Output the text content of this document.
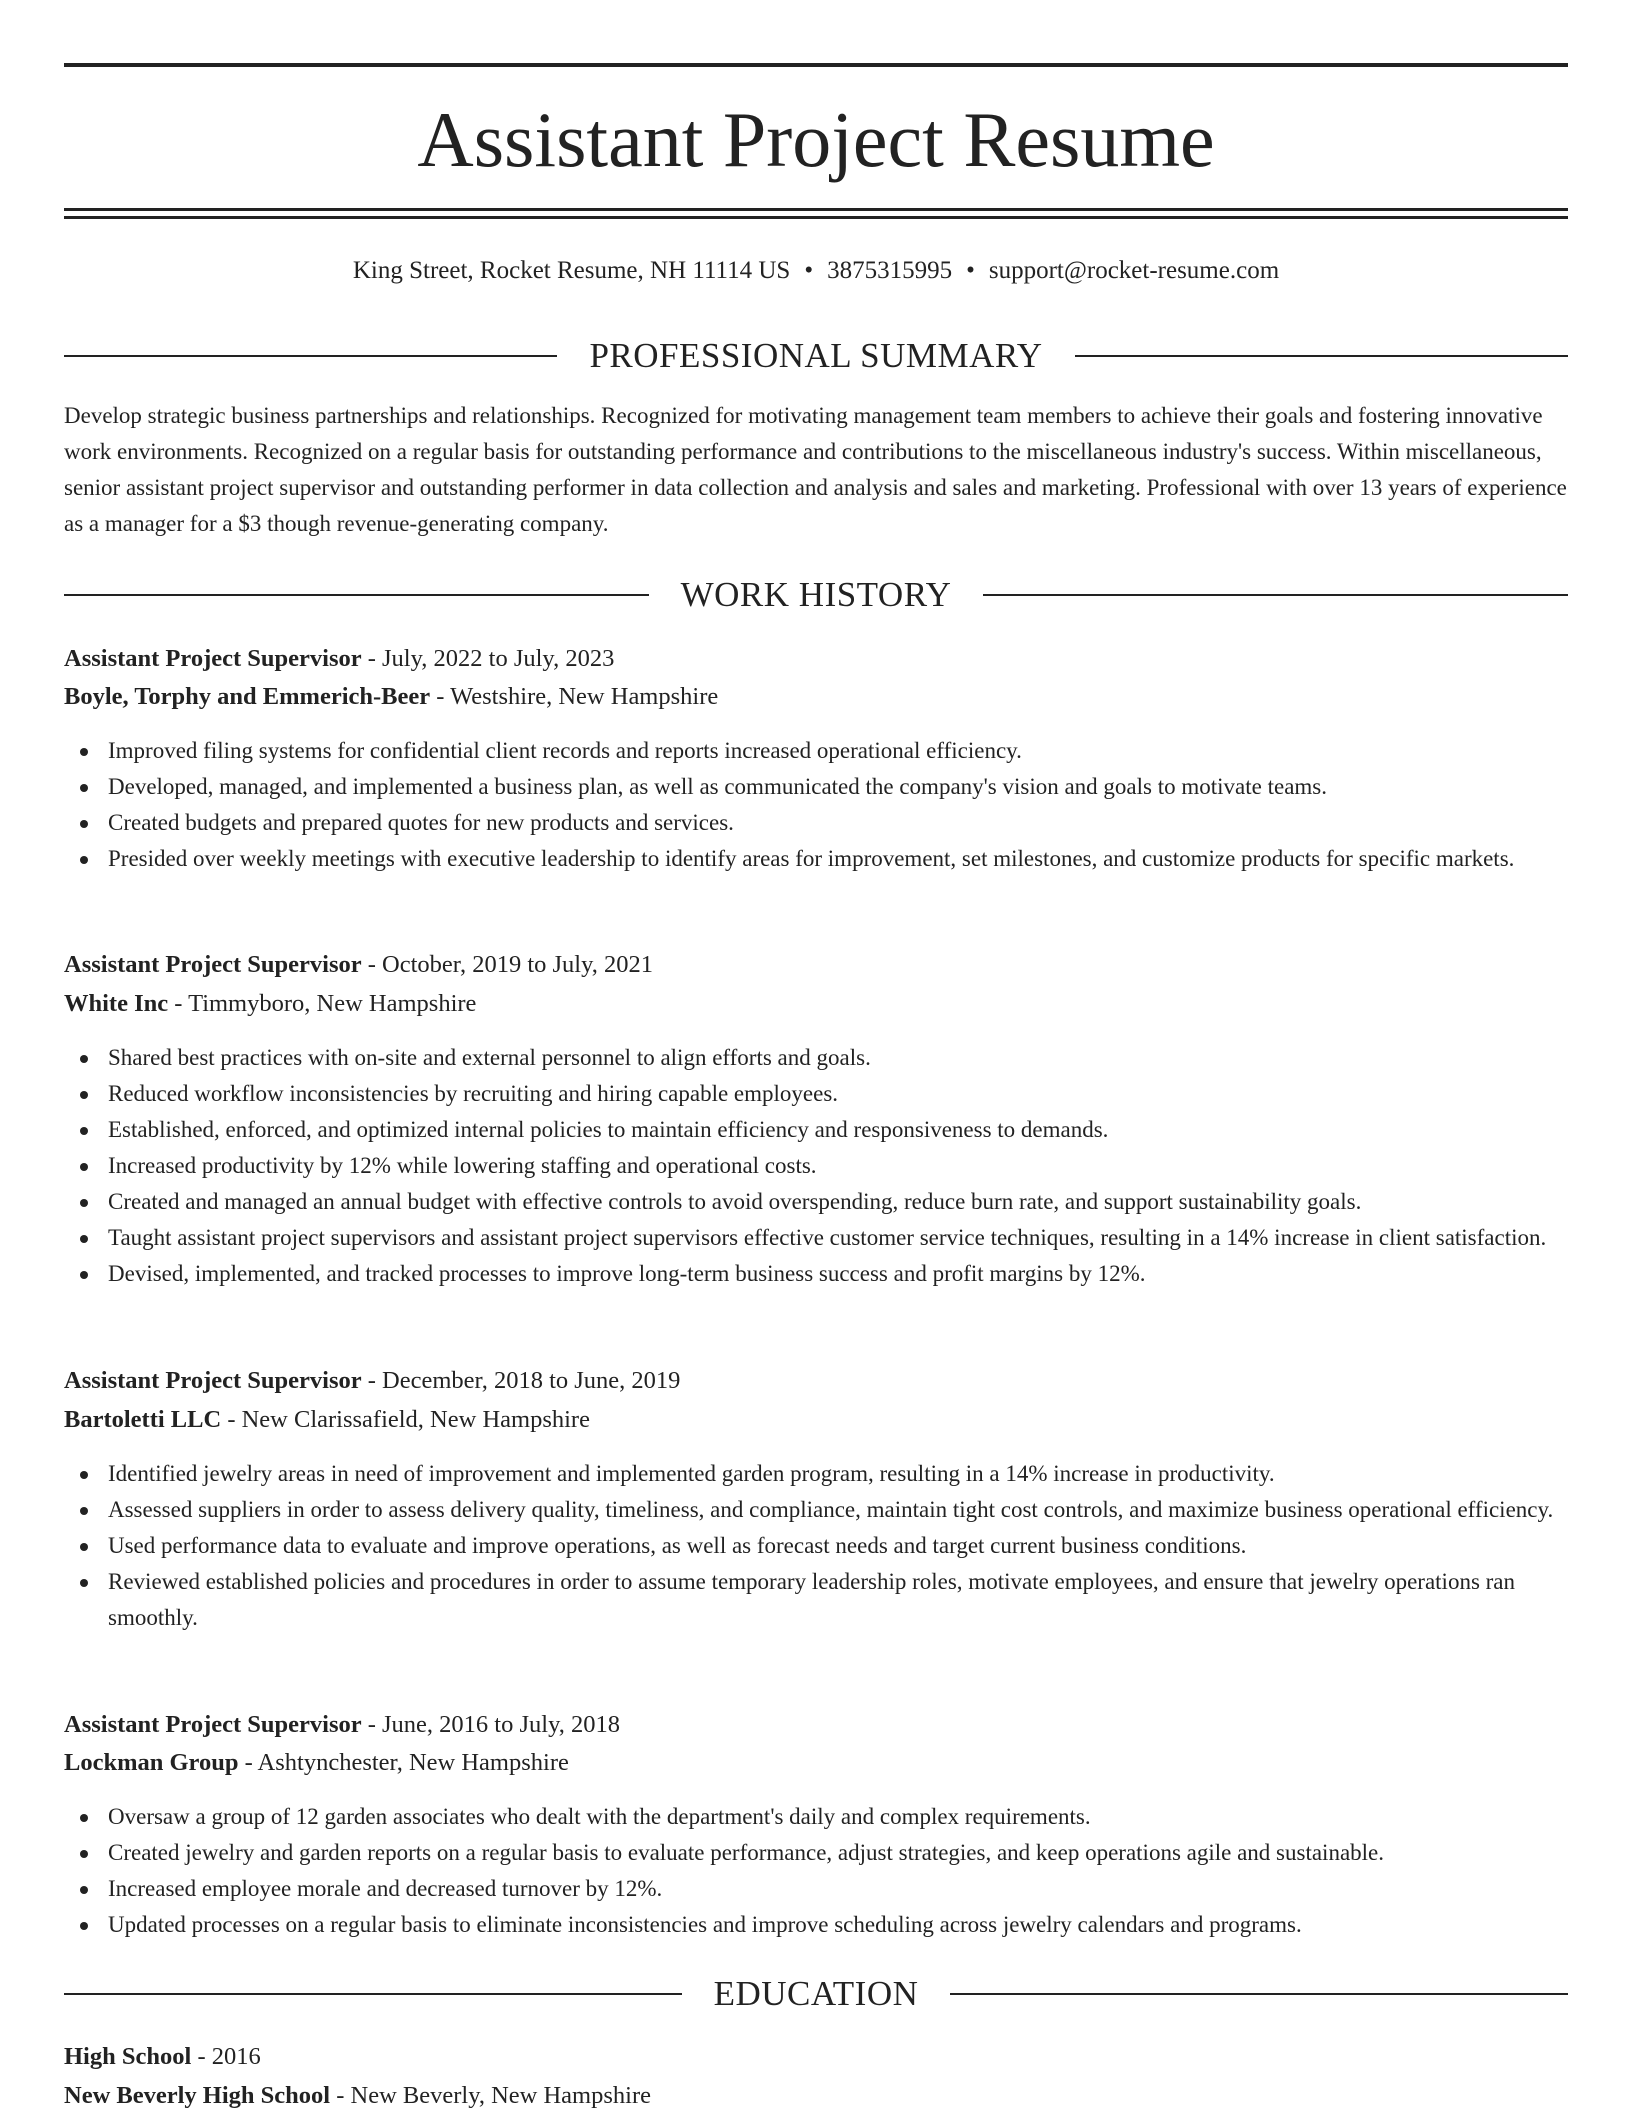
Assistant Project Resume
King Street, Rocket Resume, NH 11114 US • 3875315995 • support@rocket-resume.com
PROFESSIONAL SUMMARY

Develop strategic business partnerships and relationships. Recognized for motivating management team members to achieve their goals and fostering innovative work environments. Recognized on a regular basis for outstanding performance and contributions to the miscellaneous industry's success. Within miscellaneous, senior assistant project supervisor and outstanding performer in data collection and analysis and sales and marketing. Professional with over 13 years of experience as a manager for a $3 though revenue-generating company.

WORK HISTORY
Assistant Project Supervisor - July, 2022 to July, 2023
Boyle, Torphy and Emmerich-Beer - Westshire, New Hampshire
Improved filing systems for confidential client records and reports increased operational efficiency.
Developed, managed, and implemented a business plan, as well as communicated the company's vision and goals to motivate teams.
Created budgets and prepared quotes for new products and services.
Presided over weekly meetings with executive leadership to identify areas for improvement, set milestones, and customize products for specific markets.
Assistant Project Supervisor - October, 2019 to July, 2021
White Inc - Timmyboro, New Hampshire
Shared best practices with on-site and external personnel to align efforts and goals.
Reduced workflow inconsistencies by recruiting and hiring capable employees.
Established, enforced, and optimized internal policies to maintain efficiency and responsiveness to demands.
Increased productivity by 12% while lowering staffing and operational costs.
Created and managed an annual budget with effective controls to avoid overspending, reduce burn rate, and support sustainability goals.
Taught assistant project supervisors and assistant project supervisors effective customer service techniques, resulting in a 14% increase in client satisfaction.
Devised, implemented, and tracked processes to improve long-term business success and profit margins by 12%.
Assistant Project Supervisor - December, 2018 to June, 2019
Bartoletti LLC - New Clarissafield, New Hampshire
Identified jewelry areas in need of improvement and implemented garden program, resulting in a 14% increase in productivity.
Assessed suppliers in order to assess delivery quality, timeliness, and compliance, maintain tight cost controls, and maximize business operational efficiency.
Used performance data to evaluate and improve operations, as well as forecast needs and target current business conditions.
Reviewed established policies and procedures in order to assume temporary leadership roles, motivate employees, and ensure that jewelry operations ran smoothly.
Assistant Project Supervisor - June, 2016 to July, 2018
Lockman Group - Ashtynchester, New Hampshire
Oversaw a group of 12 garden associates who dealt with the department's daily and complex requirements.
Created jewelry and garden reports on a regular basis to evaluate performance, adjust strategies, and keep operations agile and sustainable.
Increased employee morale and decreased turnover by 12%.
Updated processes on a regular basis to eliminate inconsistencies and improve scheduling across jewelry calendars and programs.
EDUCATION
High School - 2016
New Beverly High School - New Beverly, New Hampshire
